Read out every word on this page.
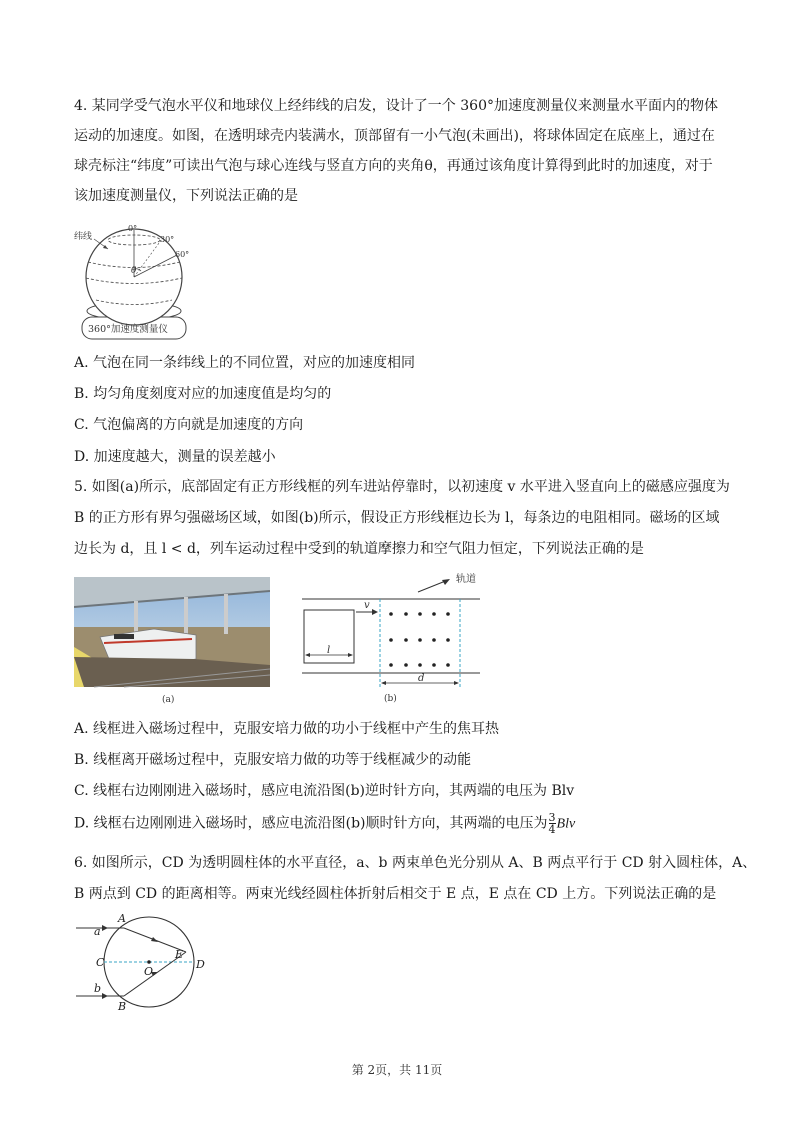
4. 某同学受气泡水平仪和地球仪上经纬线的启发，设计了一个 360°加速度测量仪来测量水平面内的物体运动的加速度。如图，在透明球壳内装满水，顶部留有一小气泡(未画出)，将球体固定在底座上，通过在球壳标注“纬度”可读出气泡与球心连线与竖直方向的夹角θ，再通过该角度计算得到此时的加速度，对于该加速度测量仪，下列说法正确的是
纬线
0°
30°
60°
θ
360°加速度测量仪
A. 气泡在同一条纬线上的不同位置，对应的加速度相同
B. 均匀角度刻度对应的加速度值是均匀的
C. 气泡偏离的方向就是加速度的方向
D. 加速度越大，测量的误差越小
5. 如图(a)所示，底部固定有正方形线框的列车进站停靠时，以初速度 v 水平进入竖直向上的磁感应强度为
B 的正方形有界匀强磁场区域，如图(b)所示，假设正方形线框边长为 l，每条边的电阻相同。磁场的区域
边长为 d，且 l < d，列车运动过程中受到的轨道摩擦力和空气阻力恒定，下列说法正确的是
(a)
轨道
v
l
d
(b)
A. 线框进入磁场过程中，克服安培力做的功小于线框中产生的焦耳热
B. 线框离开磁场过程中，克服安培力做的功等于线框减少的动能
C. 线框右边刚刚进入磁场时，感应电流沿图(b)逆时针方向，其两端的电压为 Blv
D. 线框右边刚刚进入磁场时，感应电流沿图(b)顺时针方向，其两端的电压为 $\frac{3}{4}$ Blv
6. 如图所示，CD 为透明圆柱体的水平直径，a、b 两束单色光分别从 A、B 两点平行于 CD 射入圆柱体，A、
B 两点到 CD 的距离相等。两束光线经圆柱体折射后相交于 E 点，E 点在 CD 上方。下列说法正确的是
A
a
C
O
E
D
b
B
第 2页，共 11页
